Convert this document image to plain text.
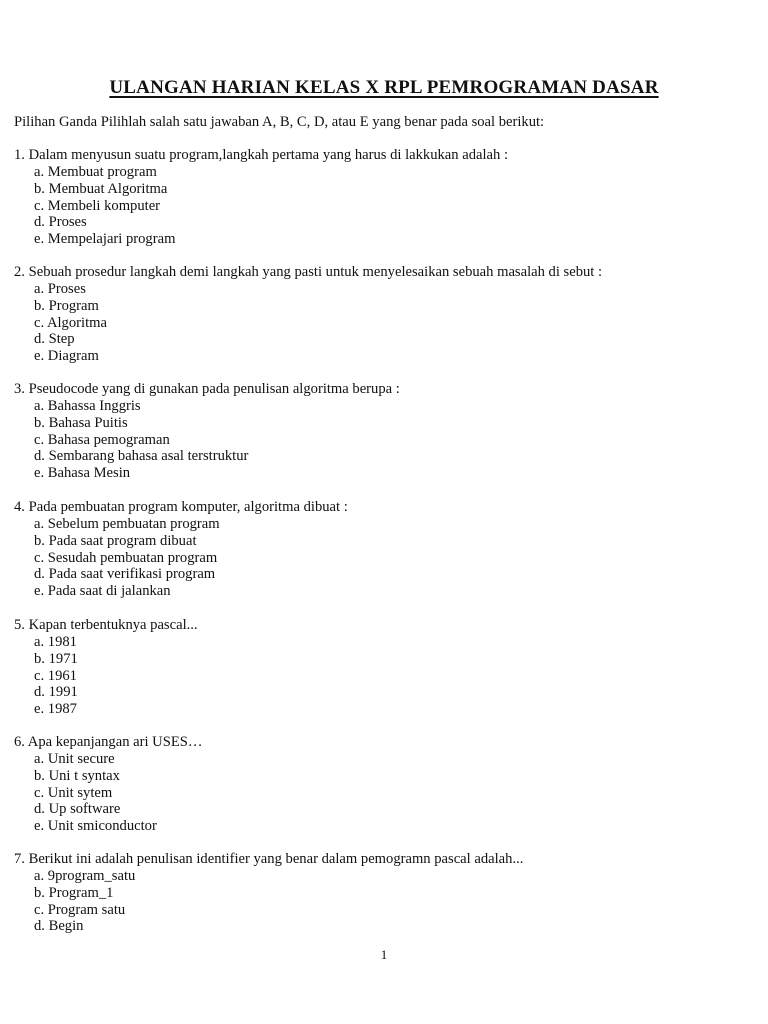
ULANGAN HARIAN KELAS X RPL PEMROGRAMAN DASAR
Pilihan Ganda Pilihlah salah satu jawaban A, B, C, D, atau E yang benar pada soal berikut:
1. Dalam menyusun suatu program,langkah pertama yang harus di lakkukan adalah :
a. Membuat program
b. Membuat Algoritma
c. Membeli komputer
d. Proses
e. Mempelajari program
2. Sebuah prosedur langkah demi langkah yang pasti untuk menyelesaikan sebuah masalah di sebut :
a. Proses
b. Program
c. Algoritma
d. Step
e. Diagram
3. Pseudocode yang di gunakan pada penulisan algoritma berupa :
a. Bahassa Inggris
b. Bahasa Puitis
c. Bahasa pemograman
d. Sembarang bahasa asal terstruktur
e. Bahasa Mesin
4. Pada pembuatan program komputer, algoritma dibuat :
a. Sebelum pembuatan program
b. Pada saat program dibuat
c. Sesudah pembuatan program
d. Pada saat verifikasi program
e. Pada saat di jalankan
5. Kapan terbentuknya pascal...
a. 1981
b. 1971
c. 1961
d. 1991
e. 1987
6. Apa kepanjangan ari USES…
a. Unit secure
b. Uni t syntax
c. Unit sytem
d. Up software
e. Unit smiconductor
7. Berikut ini adalah penulisan identifier yang benar dalam pemogramn pascal adalah...
a. 9program_satu
b. Program_1
c. Program satu
d. Begin
1
